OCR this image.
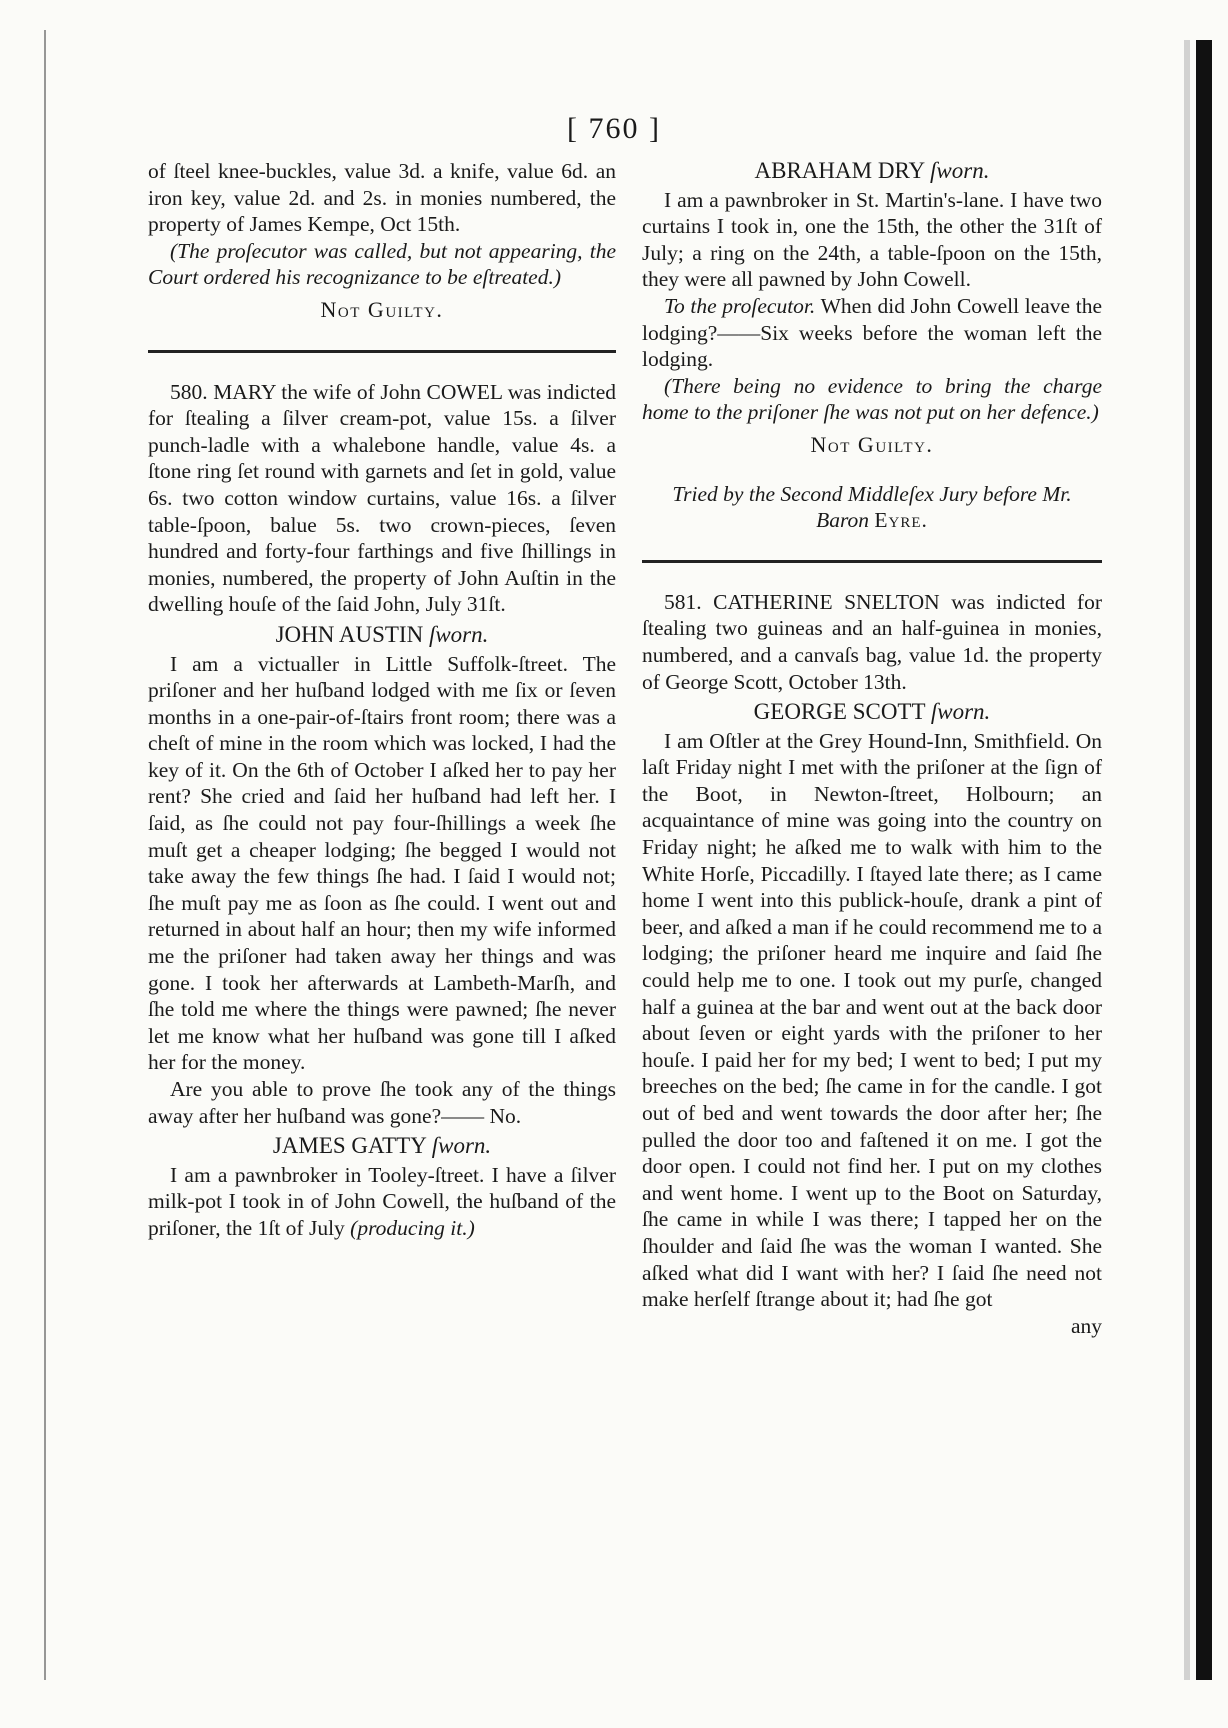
[ 760 ]

of ſteel knee-buckles, value 3d. a knife, value 6d. an iron key, value 2d. and 2s. in monies numbered, the property of James Kempe, Oct 15th.

(The proſecutor was called, but not appearing, the Court ordered his recognizance to be eſtreated.)

Not Guilty.

580. MARY the wife of John COWEL was indicted for ſtealing a ſilver cream-pot, value 15s. a ſilver punch-ladle with a whalebone handle, value 4s. a ſtone ring ſet round with garnets and ſet in gold, value 6s. two cotton window curtains, value 16s. a ſilver table-ſpoon, balue 5s. two crown-pieces, ſeven hundred and forty-four farthings and five ſhillings in monies, numbered, the property of John Auſtin in the dwelling houſe of the ſaid John, July 31ſt.

JOHN AUSTIN ſworn.

I am a victualler in Little Suffolk-ſtreet. The priſoner and her huſband lodged with me ſix or ſeven months in a one-pair-of-ſtairs front room; there was a cheſt of mine in the room which was locked, I had the key of it. On the 6th of October I aſked her to pay her rent? She cried and ſaid her huſband had left her. I ſaid, as ſhe could not pay four-ſhillings a week ſhe muſt get a cheaper lodging; ſhe begged I would not take away the few things ſhe had. I ſaid I would not; ſhe muſt pay me as ſoon as ſhe could. I went out and returned in about half an hour; then my wife informed me the priſoner had taken away her things and was gone. I took her afterwards at Lambeth-Marſh, and ſhe told me where the things were pawned; ſhe never let me know what her huſband was gone till I aſked her for the money.

Are you able to prove ſhe took any of the things away after her huſband was gone?—— No.

JAMES GATTY ſworn.

I am a pawnbroker in Tooley-ſtreet. I have a ſilver milk-pot I took in of John Cowell, the huſband of the priſoner, the 1ſt of July (producing it.)

ABRAHAM DRY ſworn.

I am a pawnbroker in St. Martin's-lane. I have two curtains I took in, one the 15th, the other the 31ſt of July; a ring on the 24th, a table-ſpoon on the 15th, they were all pawned by John Cowell.

To the proſecutor. When did John Cowell leave the lodging?——Six weeks before the woman left the lodging.

(There being no evidence to bring the charge home to the priſoner ſhe was not put on her defence.)

Not Guilty.
Tried by the Second Middleſex Jury before Mr.
Baron Eyre.

581. CATHERINE SNELTON was indicted for ſtealing two guineas and an half-guinea in monies, numbered, and a canvaſs bag, value 1d. the property of George Scott, October 13th.

GEORGE SCOTT ſworn.

I am Oſtler at the Grey Hound-Inn, Smithfield. On laſt Friday night I met with the priſoner at the ſign of the Boot, in Newton-ſtreet, Holbourn; an acquaintance of mine was going into the country on Friday night; he aſked me to walk with him to the White Horſe, Piccadilly. I ſtayed late there; as I came home I went into this publick-houſe, drank a pint of beer, and aſked a man if he could recommend me to a lodging; the priſoner heard me inquire and ſaid ſhe could help me to one. I took out my purſe, changed half a guinea at the bar and went out at the back door about ſeven or eight yards with the priſoner to her houſe. I paid her for my bed; I went to bed; I put my breeches on the bed; ſhe came in for the candle. I got out of bed and went towards the door after her; ſhe pulled the door too and faſtened it on me. I got the door open. I could not find her. I put on my clothes and went home. I went up to the Boot on Saturday, ſhe came in while I was there; I tapped her on the ſhoulder and ſaid ſhe was the woman I wanted. She aſked what did I want with her? I ſaid ſhe need not make herſelf ſtrange about it; had ſhe got

any
